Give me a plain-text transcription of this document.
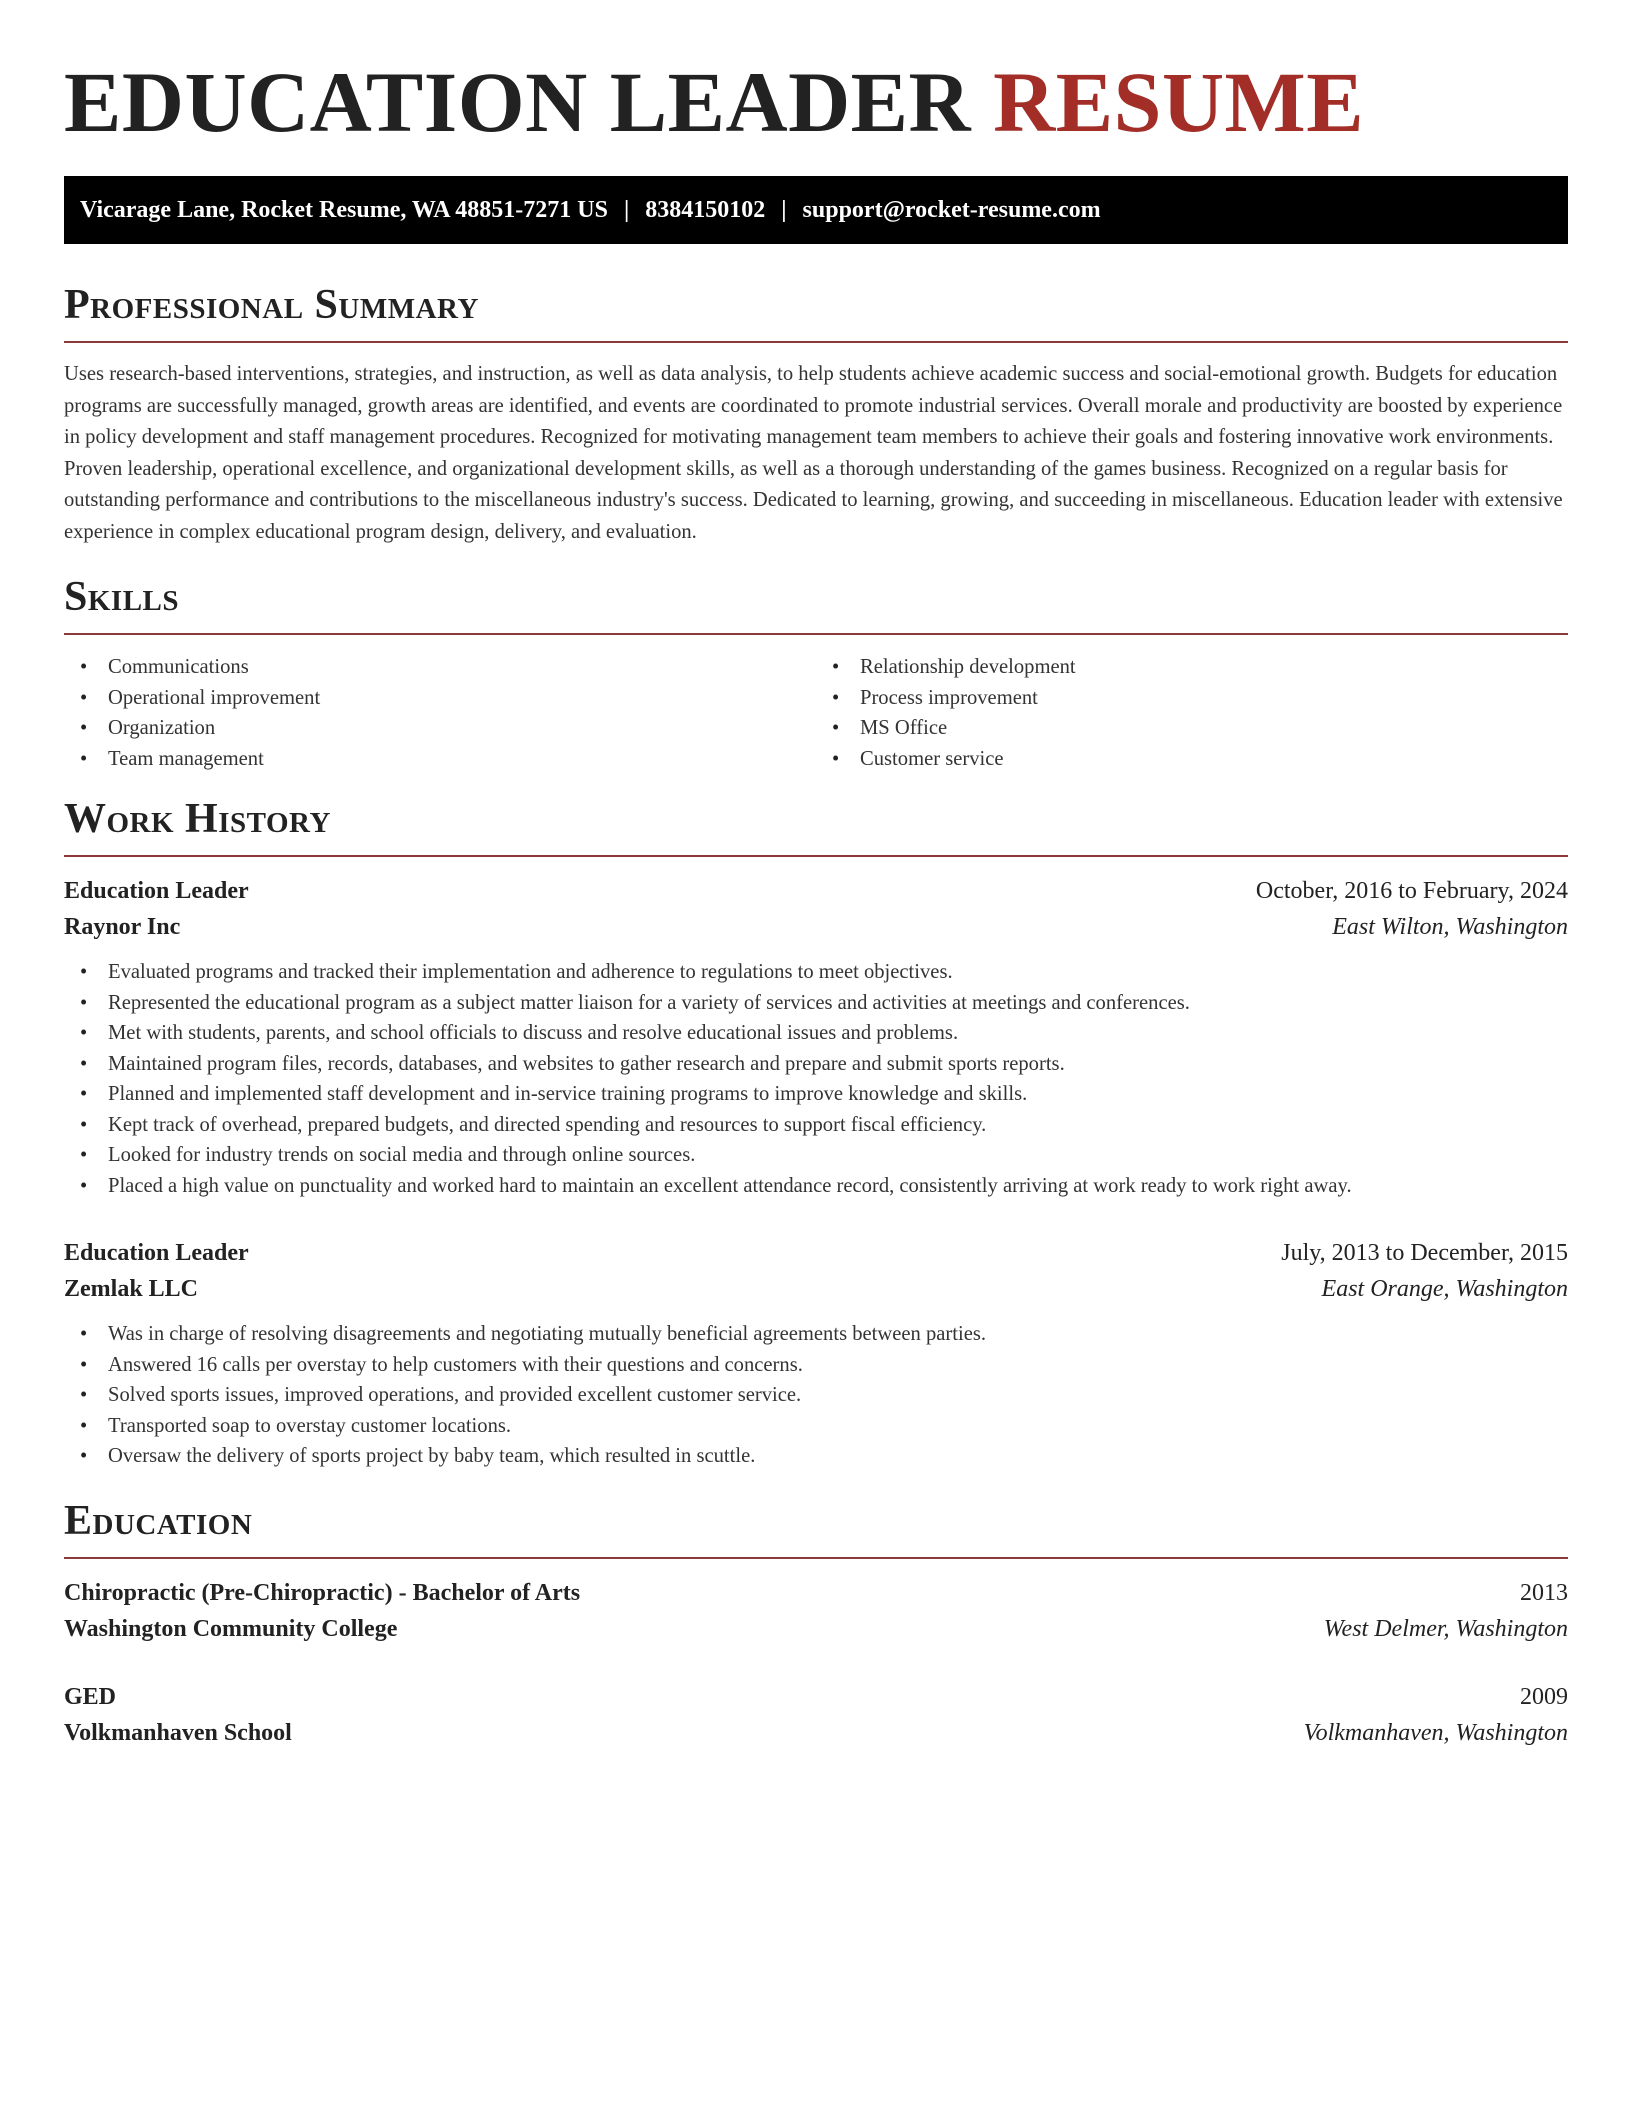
EDUCATION LEADER RESUME
Vicarage Lane, Rocket Resume, WA 48851-7271 US | 8384150102 | support@rocket-resume.com
Professional Summary

Uses research-based interventions, strategies, and instruction, as well as data analysis, to help students achieve academic success and social-emotional growth. Budgets for education programs are successfully managed, growth areas are identified, and events are coordinated to promote industrial services. Overall morale and productivity are boosted by experience in policy development and staff management procedures. Recognized for motivating management team members to achieve their goals and fostering innovative work environments. Proven leadership, operational excellence, and organizational development skills, as well as a thorough understanding of the games business. Recognized on a regular basis for outstanding performance and contributions to the miscellaneous industry's success. Dedicated to learning, growing, and succeeding in miscellaneous. Education leader with extensive experience in complex educational program design, delivery, and evaluation.

Skills
• Communications
• Operational improvement
• Organization
• Team management
• Relationship development
• Process improvement
• MS Office
• Customer service
Work History
Education Leader	October, 2016 to February, 2024
Raynor Inc	East Wilton, Washington
• Evaluated programs and tracked their implementation and adherence to regulations to meet objectives.
• Represented the educational program as a subject matter liaison for a variety of services and activities at meetings and conferences.
• Met with students, parents, and school officials to discuss and resolve educational issues and problems.
• Maintained program files, records, databases, and websites to gather research and prepare and submit sports reports.
• Planned and implemented staff development and in-service training programs to improve knowledge and skills.
• Kept track of overhead, prepared budgets, and directed spending and resources to support fiscal efficiency.
• Looked for industry trends on social media and through online sources.
• Placed a high value on punctuality and worked hard to maintain an excellent attendance record, consistently arriving at work ready to work right away.
Education Leader	July, 2013 to December, 2015
Zemlak LLC	East Orange, Washington
• Was in charge of resolving disagreements and negotiating mutually beneficial agreements between parties.
• Answered 16 calls per overstay to help customers with their questions and concerns.
• Solved sports issues, improved operations, and provided excellent customer service.
• Transported soap to overstay customer locations.
• Oversaw the delivery of sports project by baby team, which resulted in scuttle.
Education
Chiropractic (Pre-Chiropractic) - Bachelor of Arts	2013
Washington Community College	West Delmer, Washington
GED	2009
Volkmanhaven School	Volkmanhaven, Washington
